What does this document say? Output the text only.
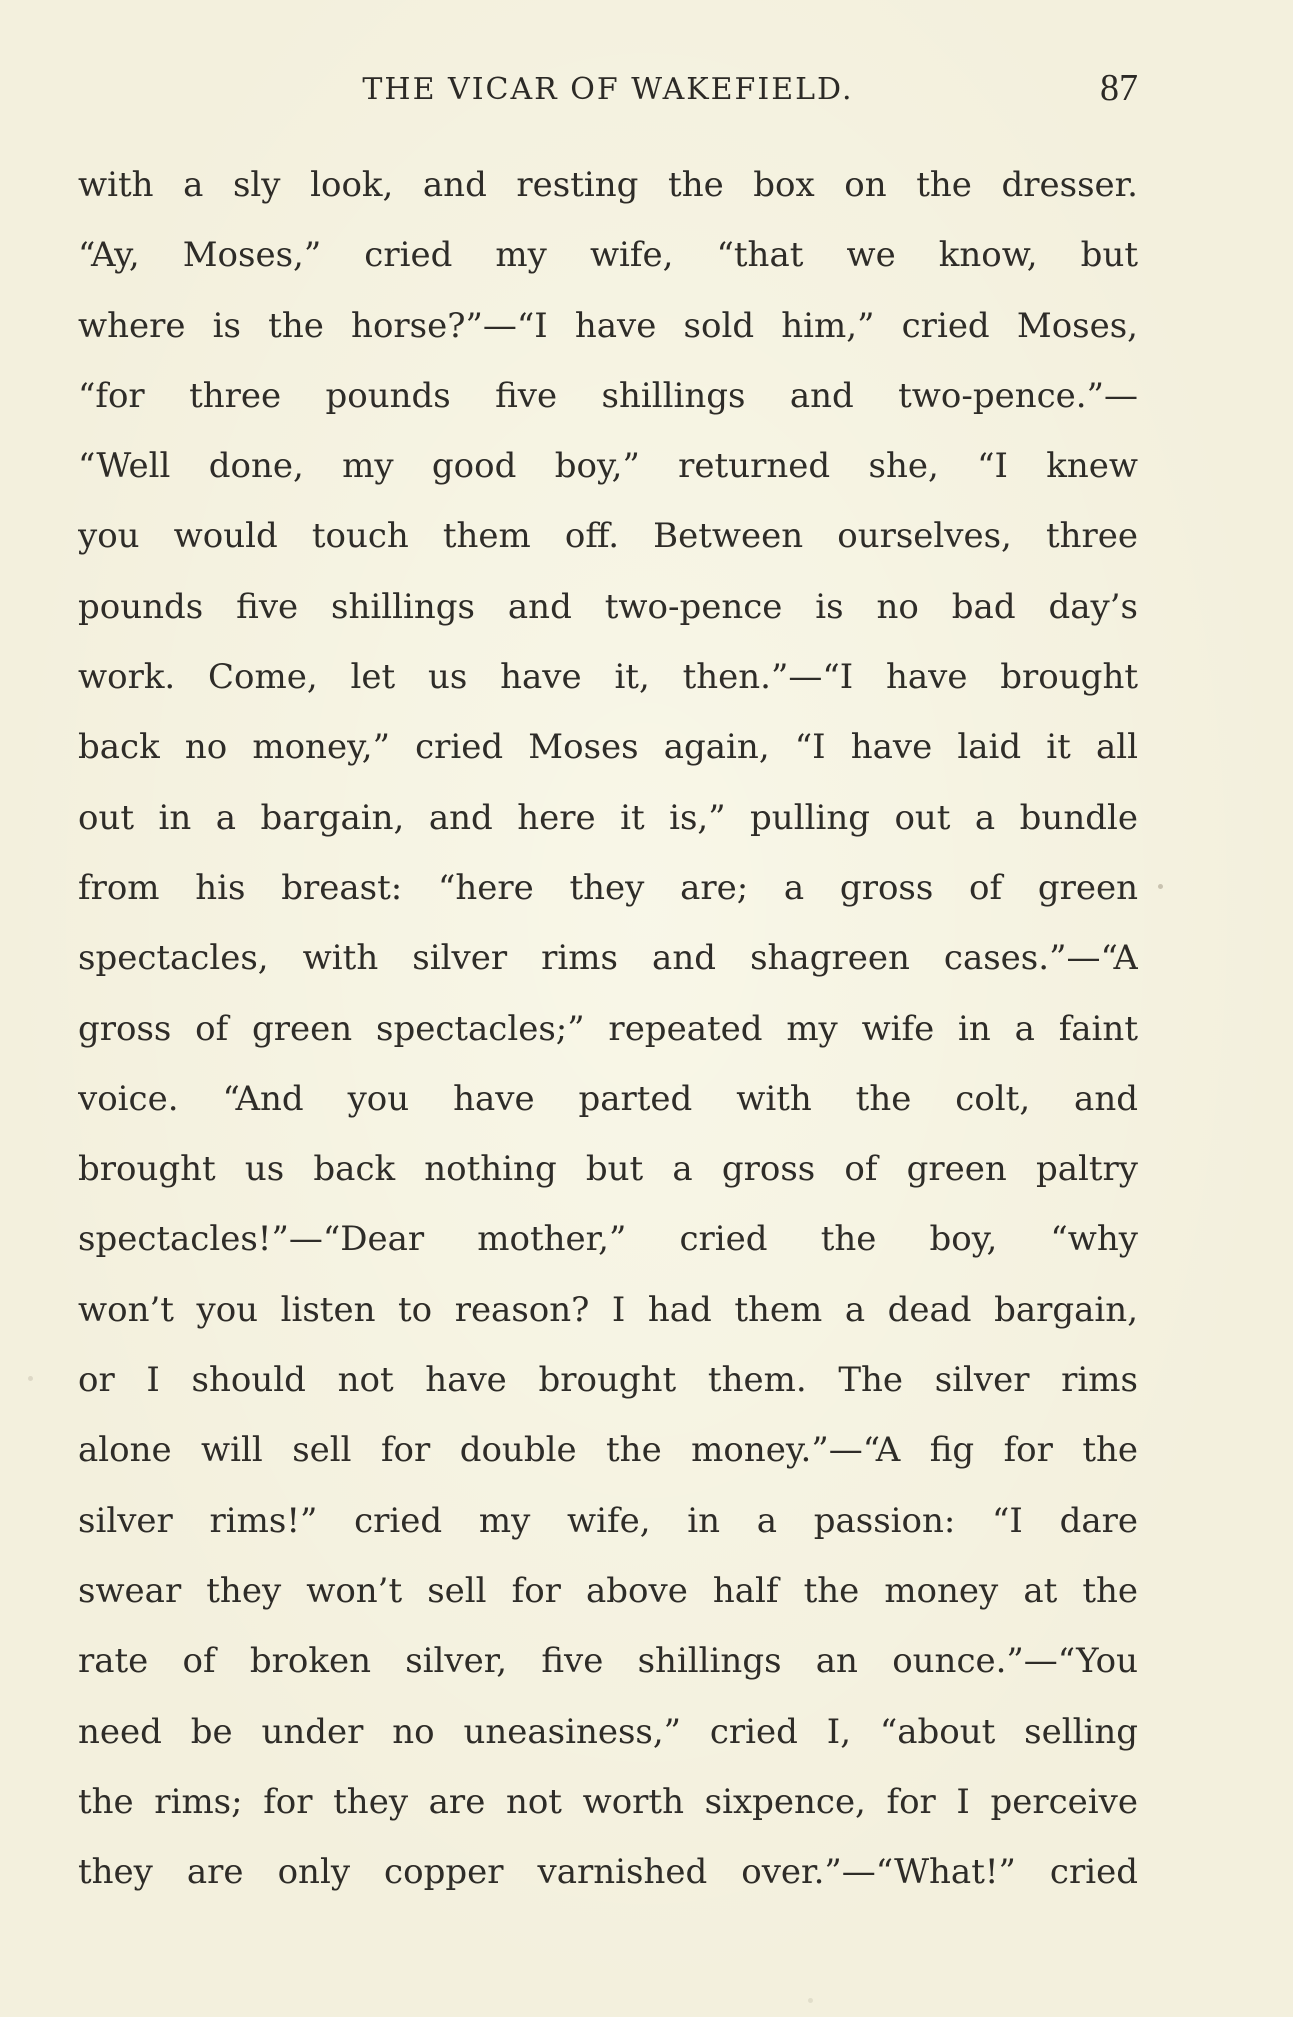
THE VICAR OF WAKEFIELD.	87
with a sly look, and resting the box on the dresser.
“Ay, Moses,” cried my wife, “that we know, but
where is the horse?”—“I have sold him,” cried Moses,
“for three pounds five shillings and two-pence.”—
“Well done, my good boy,” returned she, “I knew
you would touch them off. Between ourselves, three
pounds five shillings and two-pence is no bad day’s
work. Come, let us have it, then.”—“I have brought
back no money,” cried Moses again, “I have laid it all
out in a bargain, and here it is,” pulling out a bundle
from his breast: “here they are; a gross of green
spectacles, with silver rims and shagreen cases.”—“A
gross of green spectacles;” repeated my wife in a faint
voice. “And you have parted with the colt, and
brought us back nothing but a gross of green paltry
spectacles!”—“Dear mother,” cried the boy, “why
won’t you listen to reason? I had them a dead bargain,
or I should not have brought them. The silver rims
alone will sell for double the money.”—“A fig for the
silver rims!” cried my wife, in a passion: “I dare
swear they won’t sell for above half the money at the
rate of broken silver, five shillings an ounce.”—“You
need be under no uneasiness,” cried I, “about selling
the rims; for they are not worth sixpence, for I perceive
they are only copper varnished over.”—“What!” cried
